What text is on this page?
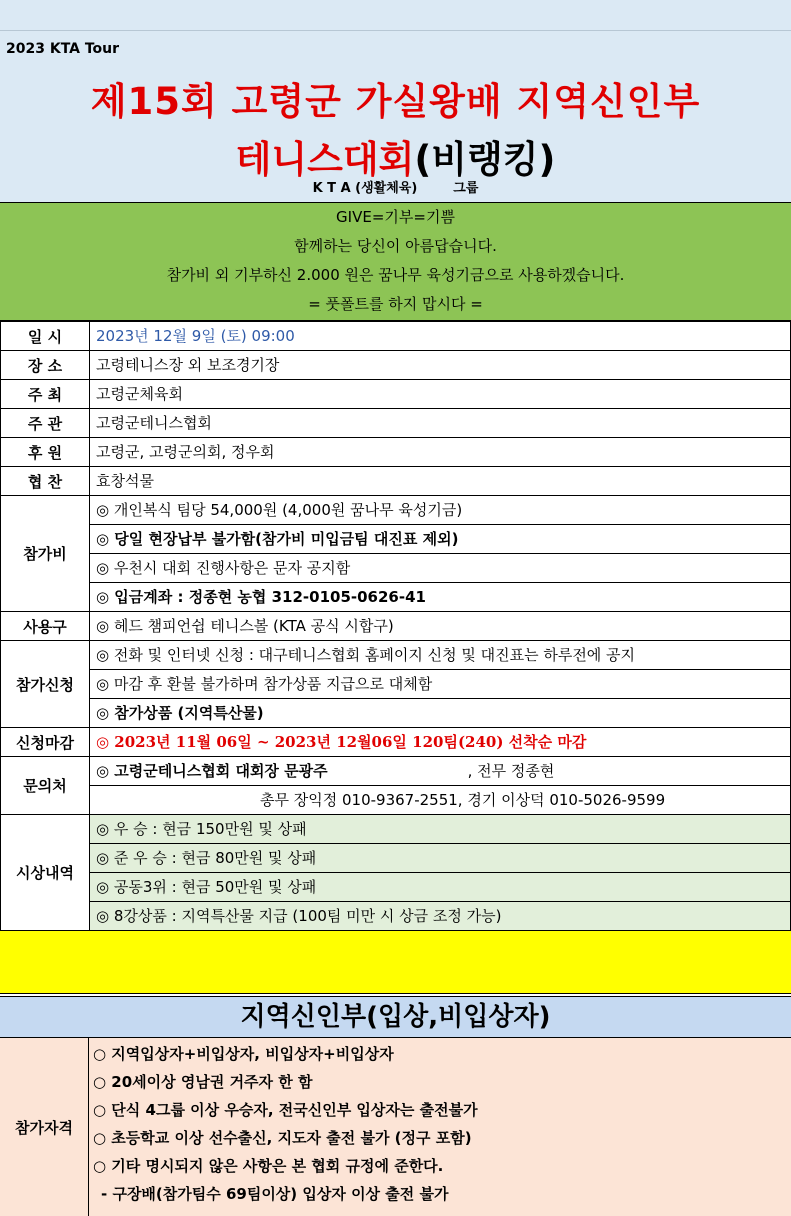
2023 KTA Tour
제15회 고령군 가실왕배 지역신인부
테니스대회(비랭킹)
K T A (생활체육)	그룹
GIVE=기부=기쁨
함께하는 당신이 아름답습니다.
참가비 외 기부하신 2.000 원은 꿈나무 육성기금으로 사용하겠습니다.
= 풋폴트를 하지 맙시다 =
일 시	2023년 12월 9일 (토) 09:00

장 소	고령테니스장 외 보조경기장

주 최	고령군체육회

주 관	고령군테니스협회

후 원	고령군, 고령군의회, 정우회

협 찬	효창석물

참가비	◎ 개인복식 팀당 54,000원 (4,000원 꿈나무 육성기금)
◎ 당일 현장납부 불가함(참가비 미입금팀 대진표 제외)
◎ 우천시 대회 진행사항은 문자 공지함
◎ 입금계좌 : 정종현 농협 312-0105-0626-41

사용구	◎ 헤드 챔피언쉽 테니스볼 (KTA 공식 시합구)

참가신청	◎ 전화 및 인터넷 신청 : 대구테니스협회 홈페이지 신청 및 대진표는 하루전에 공지
◎ 마감 후 환불 불가하며 참가상품 지급으로 대체함
◎ 참가상품 (지역특산물)

신청마감	◎ 2023년 11월 06일 ~ 2023년 12월06일 120팀(240) 선착순 마감

문의처	◎ 고령군테니스협회 대회장 문광주 , 전무 정종현
총무 장익정 010-9367-2551, 경기 이상덕 010-5026-9599

시상내역	◎ 우 승 : 현금 150만원 및 상패
◎ 준 우 승 : 현금 80만원 및 상패
◎ 공동3위 : 현금 50만원 및 상패
◎ 8강상품 : 지역특산물 지급 (100팀 미만 시 상금 조정 가능)
지역신인부(입상,비입상자)
참가자격
○ 지역입상자+비입상자, 비입상자+비입상자
○ 20세이상 영남권 거주자 한 함
○ 단식 4그룹 이상 우승자, 전국신인부 입상자는 출전불가
○ 초등학교 이상 선수출신, 지도자 출전 불가 (정구 포함)
○ 기타 명시되지 않은 사항은 본 협회 규정에 준한다.
- 구장배(참가팀수 69팀이상) 입상자 이상 출전 불가
